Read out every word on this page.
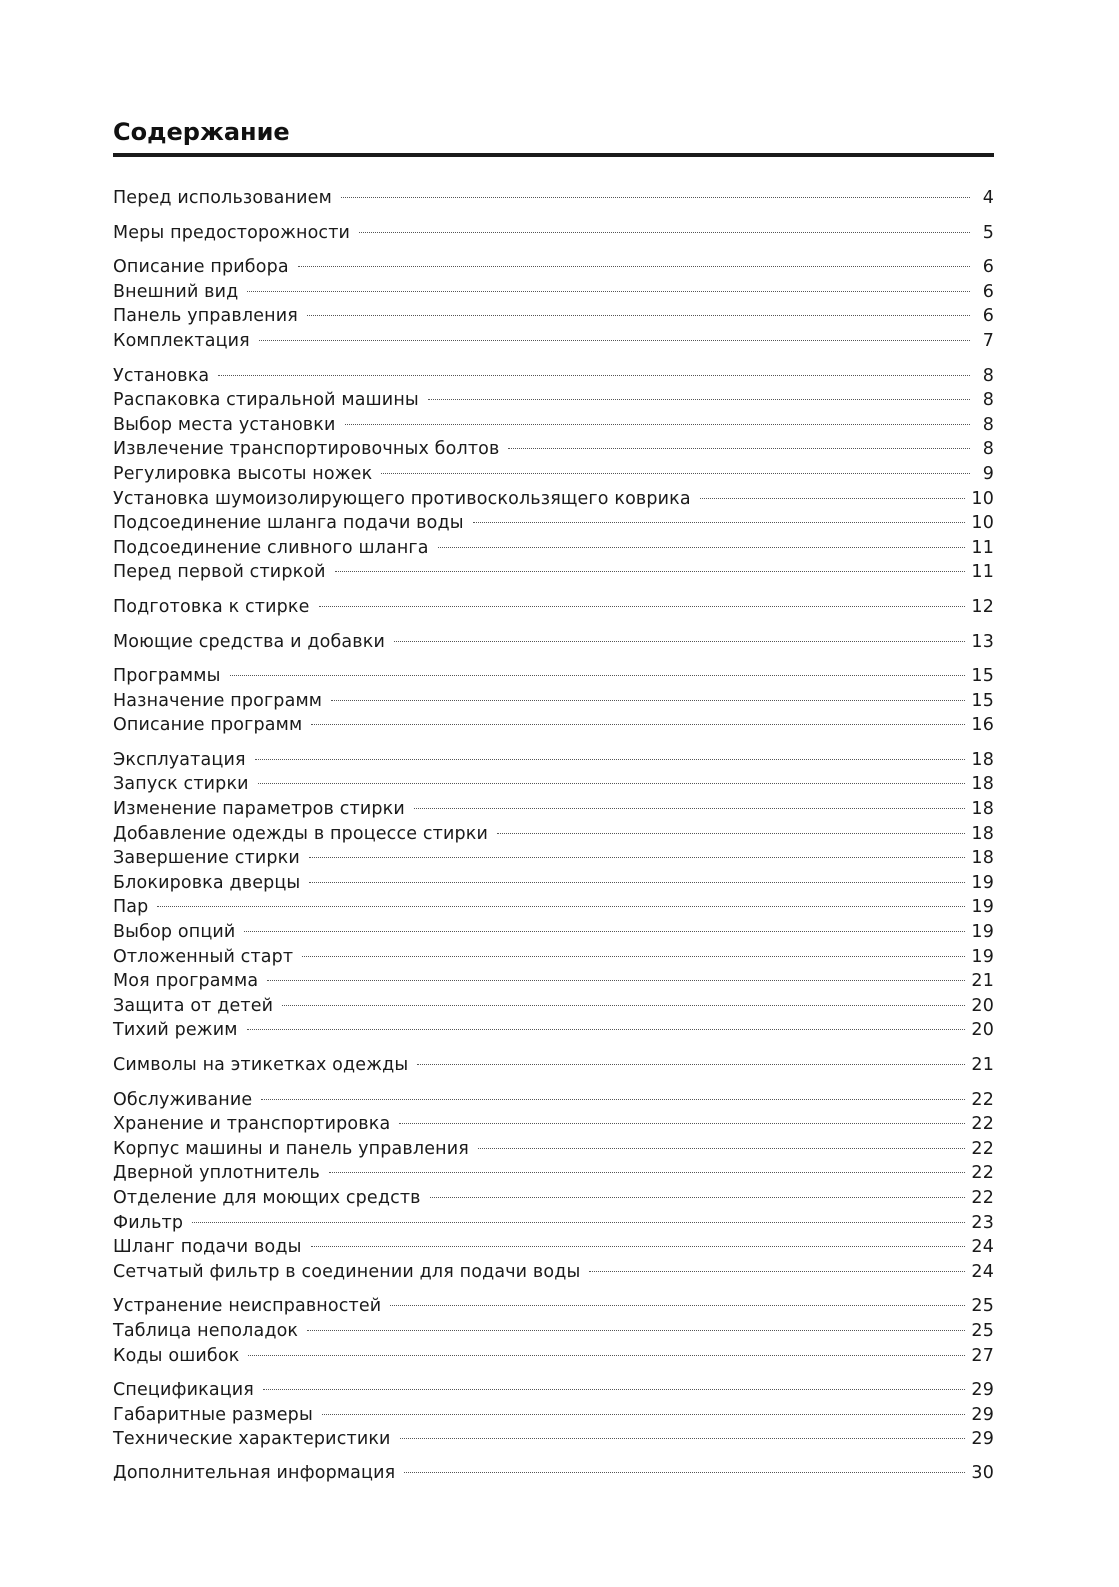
Содержание
Перед использованием	4
Меры предосторожности	5
Описание прибора	6
Внешний вид	6
Панель управления	6
Комплектация	7
Установка	8
Распаковка стиральной машины	8
Выбор места установки	8
Извлечение транспортировочных болтов	8
Регулировка высоты ножек	9
Установка шумоизолирующего противоскользящего коврика	10
Подсоединение шланга подачи воды	10
Подсоединение сливного шланга	11
Перед первой стиркой	11
Подготовка к стирке	12
Моющие средства и добавки	13
Программы	15
Назначение программ	15
Описание программ	16
Эксплуатация	18
Запуск стирки	18
Изменение параметров стирки	18
Добавление одежды в процессе стирки	18
Завершение стирки	18
Блокировка дверцы	19
Пар	19
Выбор опций	19
Отложенный старт	19
Моя программа	21
Защита от детей	20
Тихий режим	20
Символы на этикетках одежды	21
Обслуживание	22
Хранение и транспортировка	22
Корпус машины и панель управления	22
Дверной уплотнитель	22
Отделение для моющих средств	22
Фильтр	23
Шланг подачи воды	24
Сетчатый фильтр в соединении для подачи воды	24
Устранение неисправностей	25
Таблица неполадок	25
Коды ошибок	27
Спецификация	29
Габаритные размеры	29
Технические характеристики	29
Дополнительная информация	30
